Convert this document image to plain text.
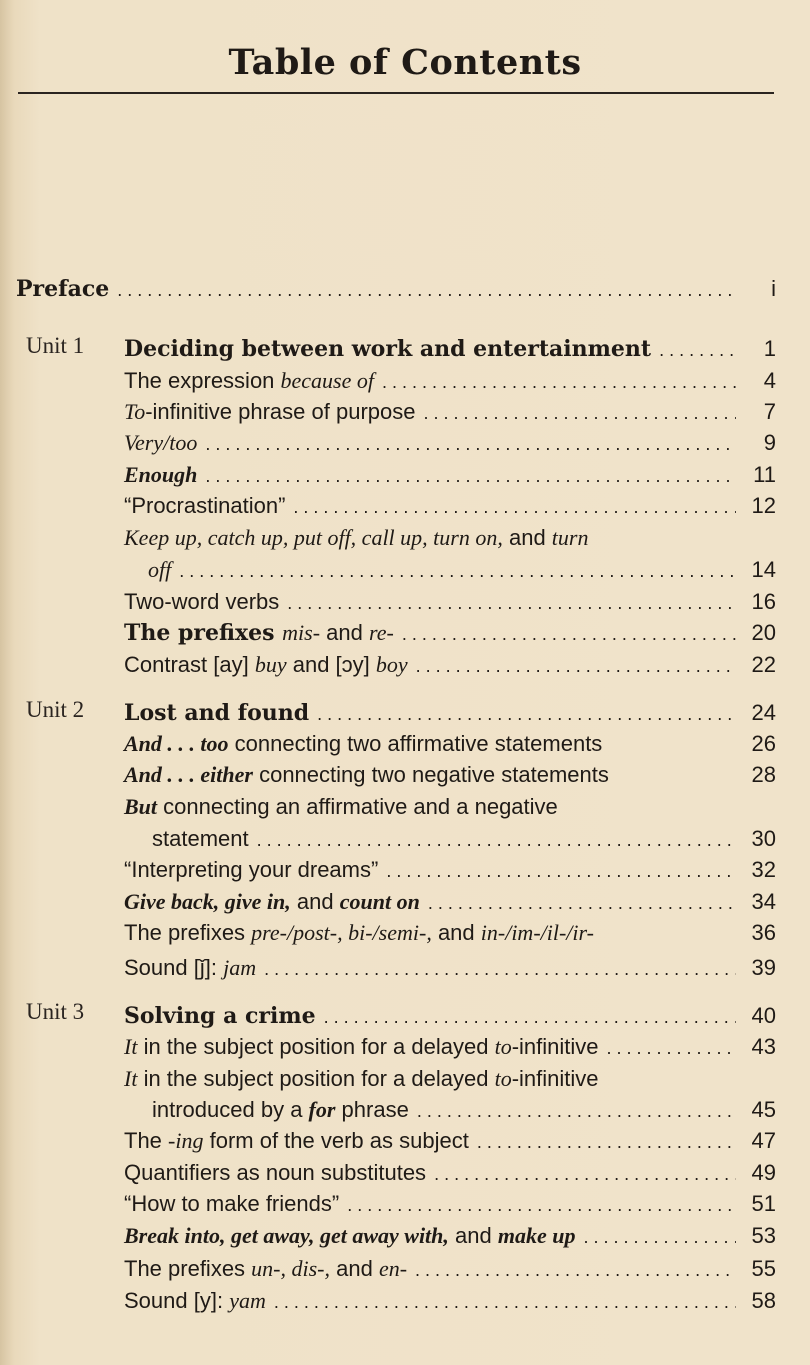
Table of Contents
Preface . . .	i
Unit 1 Deciding between work and entertainment . . .	1
The expression because of . . .	4
To-infinitive phrase of purpose . . .	7
Very/too . . .	9
Enough . . .	11
“Procrastination” . . .	12
Keep up, catch up, put off, call up, turn on, and turn
off . . .	14
Two-word verbs . . .	16
The prefixes mis- and re- . . .	20
Contrast [ay] buy and [ɔy] boy . . .	22
Unit 2 Lost and found . . .	24
And . . . too connecting two affirmative statements	26
And . . . either connecting two negative statements	28
But connecting an affirmative and a negative
statement . . .	30
“Interpreting your dreams” . . .	32
Give back, give in, and count on . . .	34
The prefixes pre-/post-, bi-/semi-, and in-/im-/il-/ir-	36
Sound [ǰ]: jam . . .	39
Unit 3 Solving a crime . . .	40
It in the subject position for a delayed to-infinitive . . .	43
It in the subject position for a delayed to-infinitive
introduced by a for phrase . . .	45
The -ing form of the verb as subject . . .	47
Quantifiers as noun substitutes . . .	49
“How to make friends” . . .	51
Break into, get away, get away with, and make up . . .	53
The prefixes un-, dis-, and en- . . .	55
Sound [y]: yam . . .	58
